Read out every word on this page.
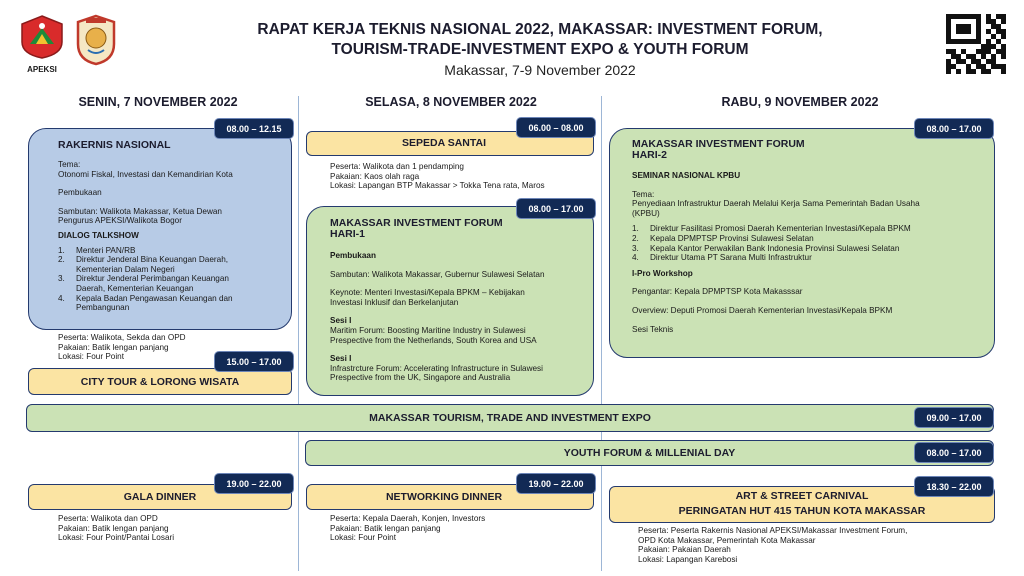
APEKSI
RAPAT KERJA TEKNIS NASIONAL 2022, MAKASSAR: INVESTMENT FORUM,
TOURISM-TRADE-INVESTMENT EXPO & YOUTH FORUM
Makassar, 7-9 November 2022
SENIN, 7 NOVEMBER 2022	SELASA, 8 NOVEMBER 2022	RABU, 9 NOVEMBER 2022
08.00 – 12.15
RAKERNIS NASIONAL
Tema:
Otonomi Fiskal, Investasi dan Kemandirian Kota
Pembukaan
Sambutan: Walikota Makassar, Ketua Dewan
Pengurus APEKSI/Walikota Bogor
DIALOG TALKSHOW
1. Menteri PAN/RB
2. Direktur Jenderal Bina Keuangan Daerah,
Kementerian Dalam Negeri
3. Direktur Jenderal Perimbangan Keuangan
Daerah, Kementerian Keuangan
4. Kepala Badan Pengawasan Keuangan dan
Pembangunan
Peserta: Walikota, Sekda dan OPD
Pakaian: Batik lengan panjang
Lokasi: Four Point
15.00 – 17.00
CITY TOUR & LORONG WISATA
06.00 – 08.00
SEPEDA SANTAI
Peserta: Walikota dan 1 pendamping
Pakaian: Kaos olah raga
Lokasi: Lapangan BTP Makassar > Tokka Tena rata, Maros
08.00 – 17.00
MAKASSAR INVESTMENT FORUM
HARI-1
Pembukaan
Sambutan: Walikota Makassar, Gubernur Sulawesi Selatan
Keynote: Menteri Investasi/Kepala BPKM – Kebijakan
Investasi Inklusif dan Berkelanjutan
Sesi I
Maritim Forum: Boosting Maritine Industry in Sulawesi
Prespective from the Netherlands, South Korea and USA
Sesi I
Infrastrcture Forum: Accelerating Infrastructure in Sulawesi
Prespective from the UK, Singapore and Australia
08.00 – 17.00
MAKASSAR INVESTMENT FORUM
HARI-2
SEMINAR NASIONAL KPBU
Tema:
Penyediaan Infrastruktur Daerah Melalui Kerja Sama Pemerintah Badan Usaha
(KPBU)
1. Direktur Fasilitasi Promosi Daerah Kementerian Investasi/Kepala BPKM
2. Kepala DPMPTSP Provinsi Sulawesi Selatan
3. Kepala Kantor Perwakilan Bank Indonesia Provinsi Sulawesi Selatan
4. Direktur Utama PT Sarana Multi Infrastruktur
I-Pro Workshop
Pengantar: Kepala DPMPTSP Kota Makasssar
Overview: Deputi Promosi Daerah Kementerian Investasi/Kepala BPKM
Sesi Teknis
MAKASSAR TOURISM, TRADE AND INVESTMENT EXPO	09.00 – 17.00
YOUTH FORUM & MILLENIAL DAY	08.00 – 17.00
19.00 – 22.00
GALA DINNER
Peserta: Walikota dan OPD
Pakaian: Batik lengan panjang
Lokasi: Four Point/Pantai Losari
19.00 – 22.00
NETWORKING DINNER
Peserta: Kepala Daerah, Konjen, Investors
Pakaian: Batik lengan panjang
Lokasi: Four Point
18.30 – 22.00
ART & STREET CARNIVAL
PERINGATAN HUT 415 TAHUN KOTA MAKASSAR
Peserta: Peserta Rakernis Nasional APEKSI/Makassar Investment Forum,
OPD Kota Makassar, Pemerintah Kota Makassar
Pakaian: Pakaian Daerah
Lokasi: Lapangan Karebosi
